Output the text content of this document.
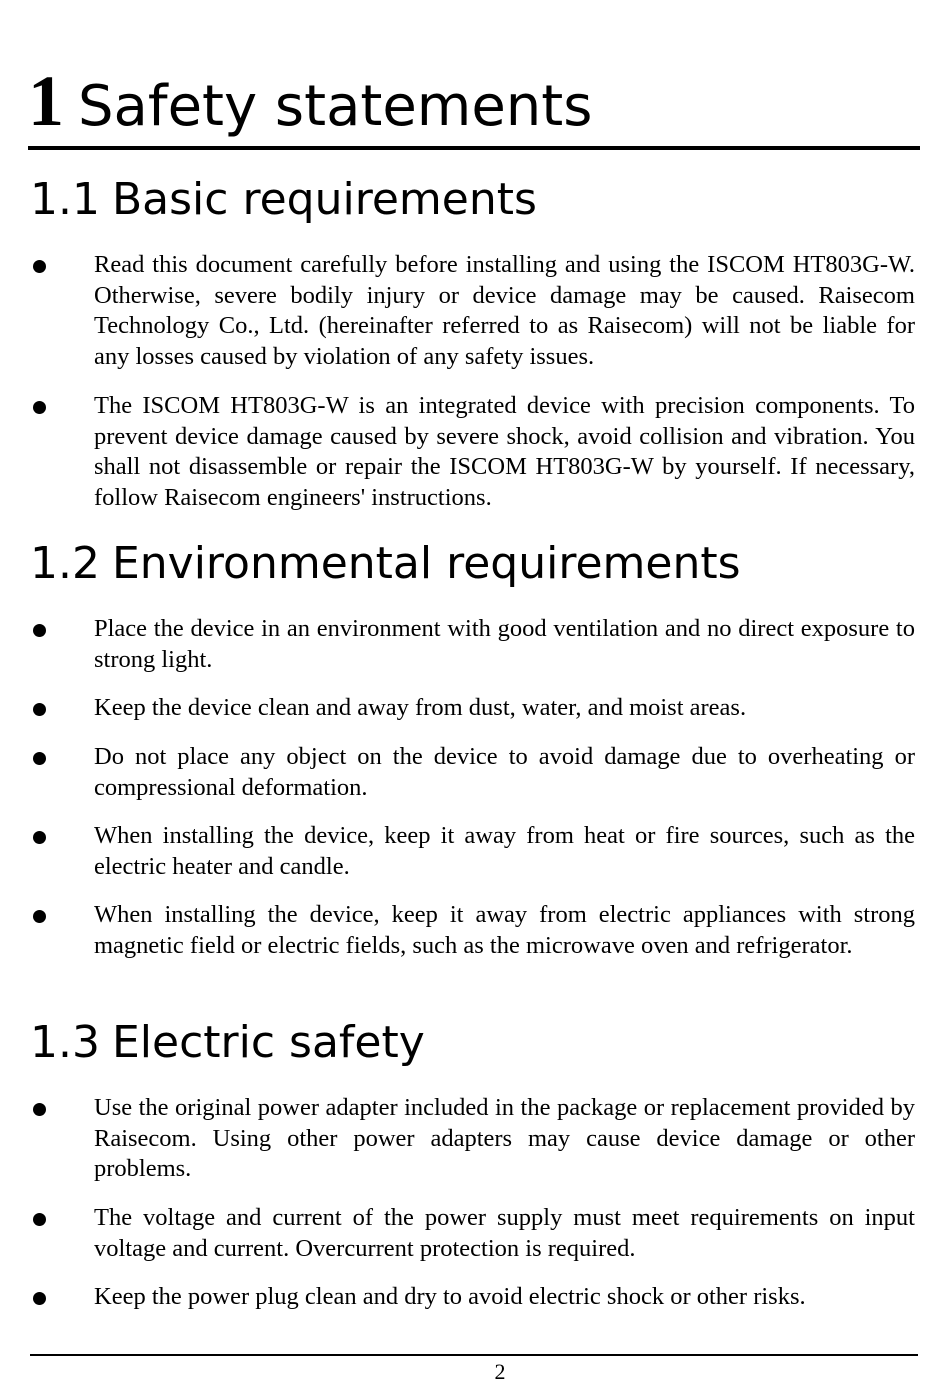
1 Safety statements
1.1 Basic requirements
Read this document carefully before installing and using the ISCOM HT803G-W. Otherwise, severe bodily injury or device damage may be caused. Raisecom Technology Co., Ltd. (hereinafter referred to as Raisecom) will not be liable for any losses caused by violation of any safety issues.
The ISCOM HT803G-W is an integrated device with precision components. To prevent device damage caused by severe shock, avoid collision and vibration. You shall not disassemble or repair the ISCOM HT803G-W by yourself. If necessary, follow Raisecom engineers' instructions.
1.2 Environmental requirements
Place the device in an environment with good ventilation and no direct exposure to strong light.
Keep the device clean and away from dust, water, and moist areas.
Do not place any object on the device to avoid damage due to overheating or compressional deformation.
When installing the device, keep it away from heat or fire sources, such as the electric heater and candle.
When installing the device, keep it away from electric appliances with strong magnetic field or electric fields, such as the microwave oven and refrigerator.
1.3 Electric safety
Use the original power adapter included in the package or replacement provided by Raisecom. Using other power adapters may cause device damage or other problems.
The voltage and current of the power supply must meet requirements on input voltage and current. Overcurrent protection is required.
Keep the power plug clean and dry to avoid electric shock or other risks.
2
